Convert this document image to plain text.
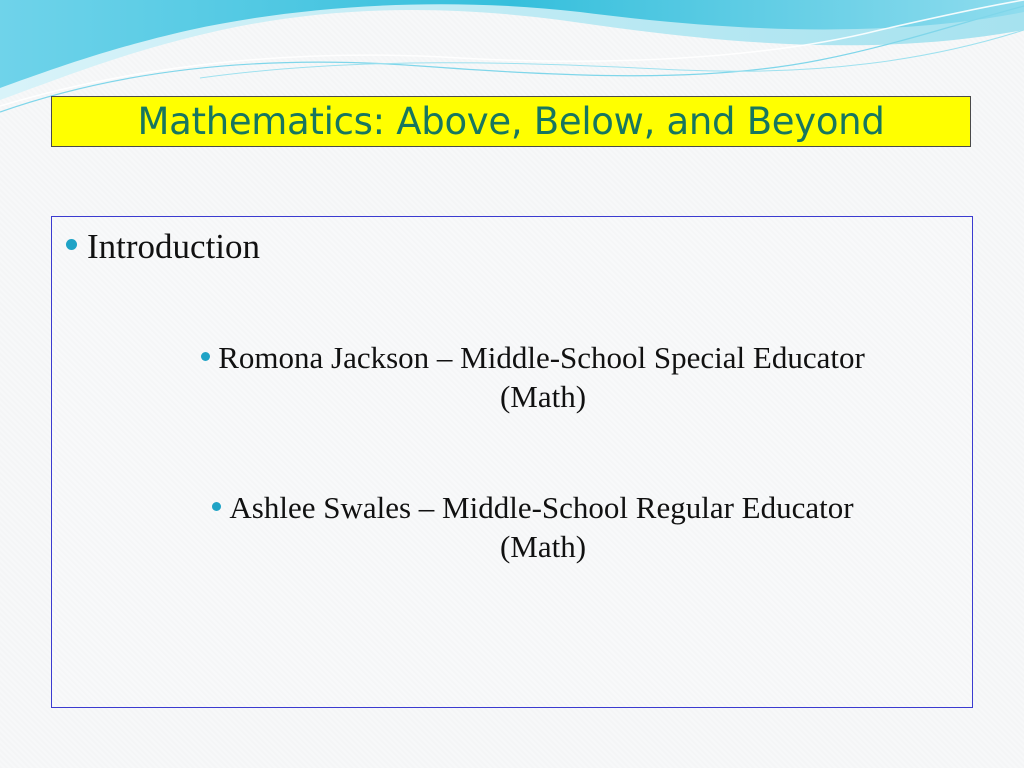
Mathematics: Above, Below, and Beyond
Introduction
Romona Jackson – Middle-School Special Educator
(Math)
Ashlee Swales – Middle-School Regular Educator
(Math)
